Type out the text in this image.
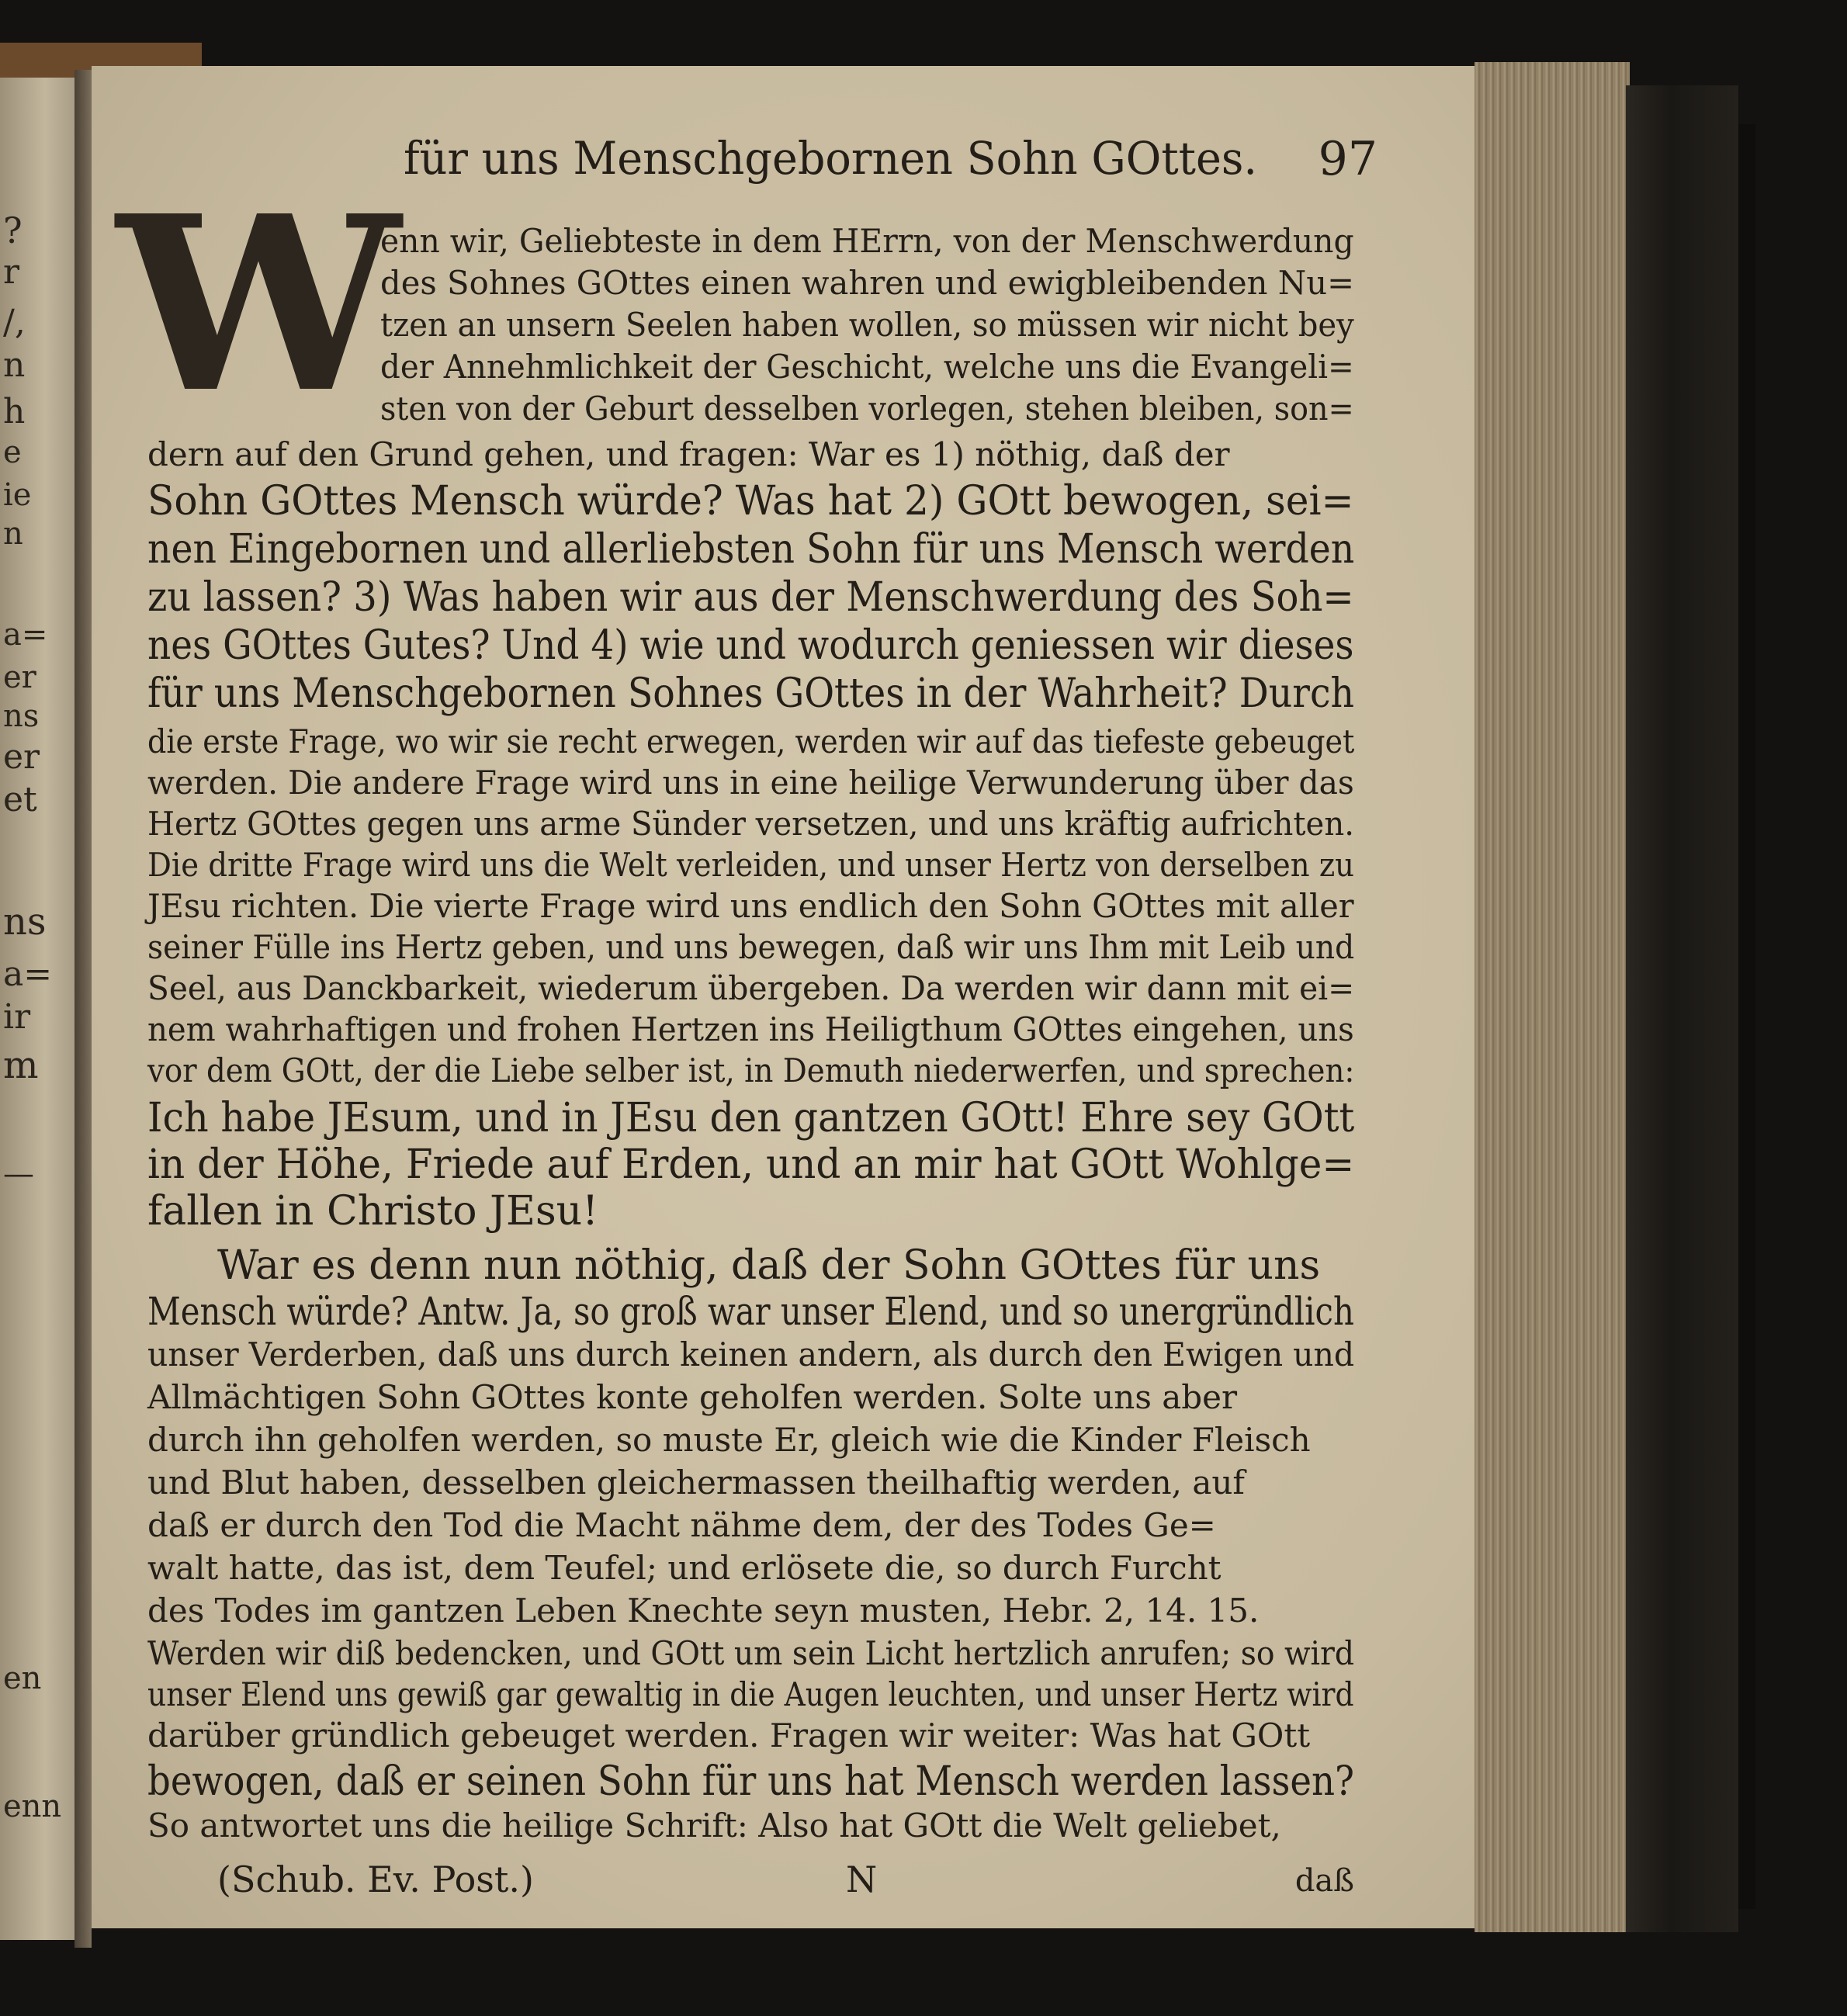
?
r
/,
n
h
e
ie
n
a=
er
ns
er
et
ns
a=
ir
m
—
en
enn
für uns Menschgebornen Sohn GOttes. 97
W
enn wir, Geliebteste in dem HErrn, von der Menschwerdung
des Sohnes GOttes einen wahren und ewigbleibenden Nu=
tzen an unsern Seelen haben wollen, so müssen wir nicht bey
der Annehmlichkeit der Geschicht, welche uns die Evangeli=
sten von der Geburt desselben vorlegen, stehen bleiben, son=
dern auf den Grund gehen, und fragen: War es 1) nöthig, daß der
Sohn GOttes Mensch würde? Was hat 2) GOtt bewogen, sei=
nen Eingebornen und allerliebsten Sohn für uns Mensch werden
zu lassen? 3) Was haben wir aus der Menschwerdung des Soh=
nes GOttes Gutes? Und 4) wie und wodurch geniessen wir dieses
für uns Menschgebornen Sohnes GOttes in der Wahrheit? Durch
die erste Frage, wo wir sie recht erwegen, werden wir auf das tiefeste gebeuget
werden. Die andere Frage wird uns in eine heilige Verwunderung über das
Hertz GOttes gegen uns arme Sünder versetzen, und uns kräftig aufrichten.
Die dritte Frage wird uns die Welt verleiden, und unser Hertz von derselben zu
JEsu richten. Die vierte Frage wird uns endlich den Sohn GOttes mit aller
seiner Fülle ins Hertz geben, und uns bewegen, daß wir uns Ihm mit Leib und
Seel, aus Danckbarkeit, wiederum übergeben. Da werden wir dann mit ei=
nem wahrhaftigen und frohen Hertzen ins Heiligthum GOttes eingehen, uns
vor dem GOtt, der die Liebe selber ist, in Demuth niederwerfen, und sprechen:
Ich habe JEsum, und in JEsu den gantzen GOtt! Ehre sey GOtt
in der Höhe, Friede auf Erden, und an mir hat GOtt Wohlge=
fallen in Christo JEsu!
War es denn nun nöthig, daß der Sohn GOttes für uns
Mensch würde? Antw. Ja, so groß war unser Elend, und so unergründlich
unser Verderben, daß uns durch keinen andern, als durch den Ewigen und
Allmächtigen Sohn GOttes konte geholfen werden. Solte uns aber
durch ihn geholfen werden, so muste Er, gleich wie die Kinder Fleisch
und Blut haben, desselben gleichermassen theilhaftig werden, auf
daß er durch den Tod die Macht nähme dem, der des Todes Ge=
walt hatte, das ist, dem Teufel; und erlösete die, so durch Furcht
des Todes im gantzen Leben Knechte seyn musten, Hebr. 2, 14. 15.
Werden wir diß bedencken, und GOtt um sein Licht hertzlich anrufen; so wird
unser Elend uns gewiß gar gewaltig in die Augen leuchten, und unser Hertz wird
darüber gründlich gebeuget werden. Fragen wir weiter: Was hat GOtt
bewogen, daß er seinen Sohn für uns hat Mensch werden lassen?
So antwortet uns die heilige Schrift: Also hat GOtt die Welt geliebet,
(Schub. Ev. Post.)	N	daß
